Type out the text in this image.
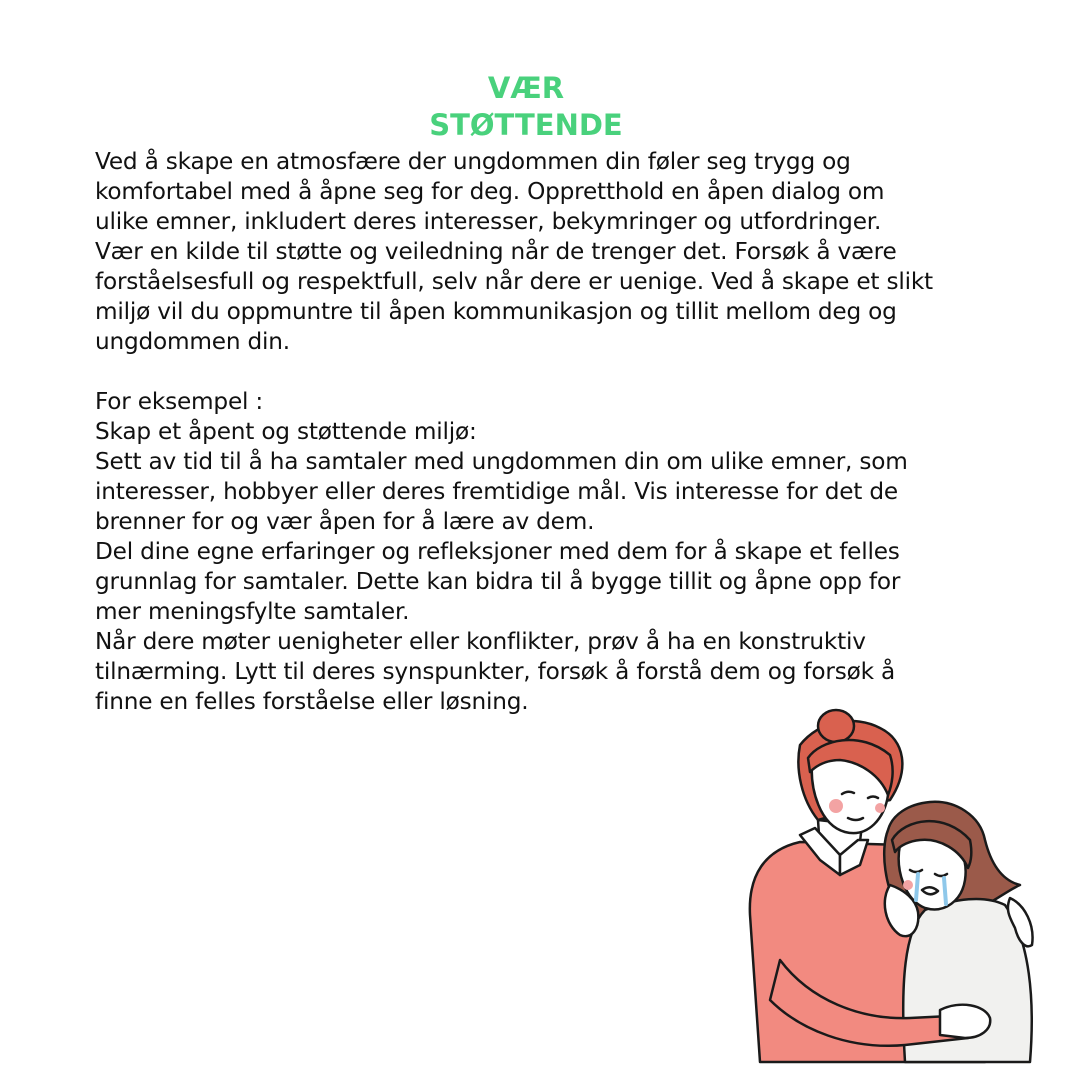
VÆR
STØTTENDE
Ved å skape en atmosfære der ungdommen din føler seg trygg og
komfortabel med å åpne seg for deg. Oppretthold en åpen dialog om
ulike emner, inkludert deres interesser, bekymringer og utfordringer.
Vær en kilde til støtte og veiledning når de trenger det. Forsøk å være
forståelsesfull og respektfull, selv når dere er uenige. Ved å skape et slikt
miljø vil du oppmuntre til åpen kommunikasjon og tillit mellom deg og
ungdommen din.
For eksempel :
Skap et åpent og støttende miljø:
Sett av tid til å ha samtaler med ungdommen din om ulike emner, som
interesser, hobbyer eller deres fremtidige mål. Vis interesse for det de
brenner for og vær åpen for å lære av dem.
Del dine egne erfaringer og refleksjoner med dem for å skape et felles
grunnlag for samtaler. Dette kan bidra til å bygge tillit og åpne opp for
mer meningsfylte samtaler.
Når dere møter uenigheter eller konflikter, prøv å ha en konstruktiv
tilnærming. Lytt til deres synspunkter, forsøk å forstå dem og forsøk å
finne en felles forståelse eller løsning.
